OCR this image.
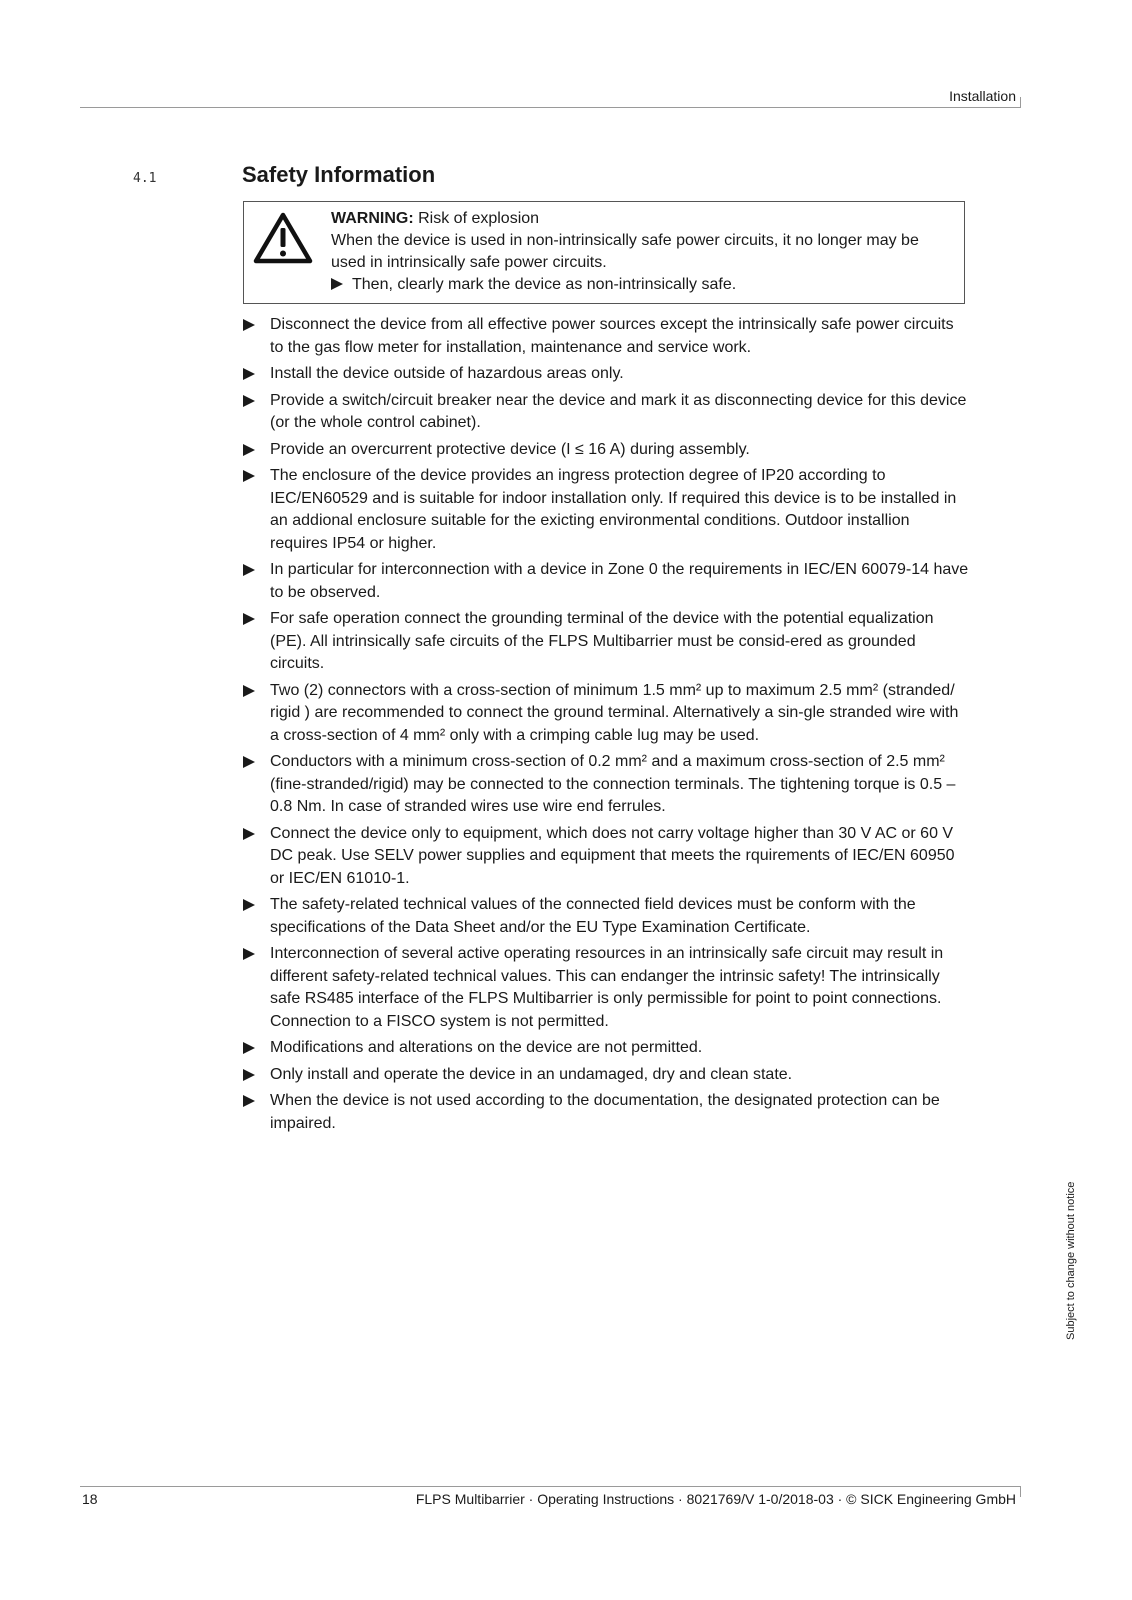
Installation
4.1	Safety Information
WARNING: Risk of explosion
When the device is used in non-intrinsically safe power circuits, it no longer may be used in intrinsically safe power circuits.
Then, clearly mark the device as non-intrinsically safe.
Disconnect the device from all effective power sources except the intrinsically safe power circuits to the gas flow meter for installation, maintenance and service work.
Install the device outside of hazardous areas only.
Provide a switch/circuit breaker near the device and mark it as disconnecting device for this device (or the whole control cabinet).
Provide an overcurrent protective device (I ≤ 16 A) during assembly.
The enclosure of the device provides an ingress protection degree of IP20 according to IEC/EN60529 and is suitable for indoor installation only. If required this device is to be installed in an addional enclosure suitable for the exicting environmental conditions. Outdoor installion requires IP54 or higher.
In particular for interconnection with a device in Zone 0 the requirements in IEC/EN 60079-14 have to be observed.
For safe operation connect the grounding terminal of the device with the potential equalization (PE). All intrinsically safe circuits of the FLPS Multibarrier must be consid-ered as grounded circuits.
Two (2) connectors with a cross-section of minimum 1.5 mm² up to maximum 2.5 mm² (stranded/ rigid ) are recommended to connect the ground terminal. Alternatively a sin-gle stranded wire with a cross-section of 4 mm² only with a crimping cable lug may be used.
Conductors with a minimum cross-section of 0.2 mm² and a maximum cross-section of 2.5 mm² (fine-stranded/rigid) may be connected to the connection terminals. The tightening torque is 0.5 – 0.8 Nm. In case of stranded wires use wire end ferrules.
Connect the device only to equipment, which does not carry voltage higher than 30 V AC or 60 V DC peak. Use SELV power supplies and equipment that meets the rquirements of IEC/EN 60950 or IEC/EN 61010-1.
The safety-related technical values of the connected field devices must be conform with the specifications of the Data Sheet and/or the EU Type Examination Certificate.
Interconnection of several active operating resources in an intrinsically safe circuit may result in different safety-related technical values. This can endanger the intrinsic safety! The intrinsically safe RS485 interface of the FLPS Multibarrier is only permissible for point to point connections. Connection to a FISCO system is not permitted.
Modifications and alterations on the device are not permitted.
Only install and operate the device in an undamaged, dry and clean state.
When the device is not used according to the documentation, the designated protection can be impaired.
Subject to change without notice
18	FLPS Multibarrier · Operating Instructions · 8021769/V 1-0/2018-03 · © SICK Engineering GmbH
